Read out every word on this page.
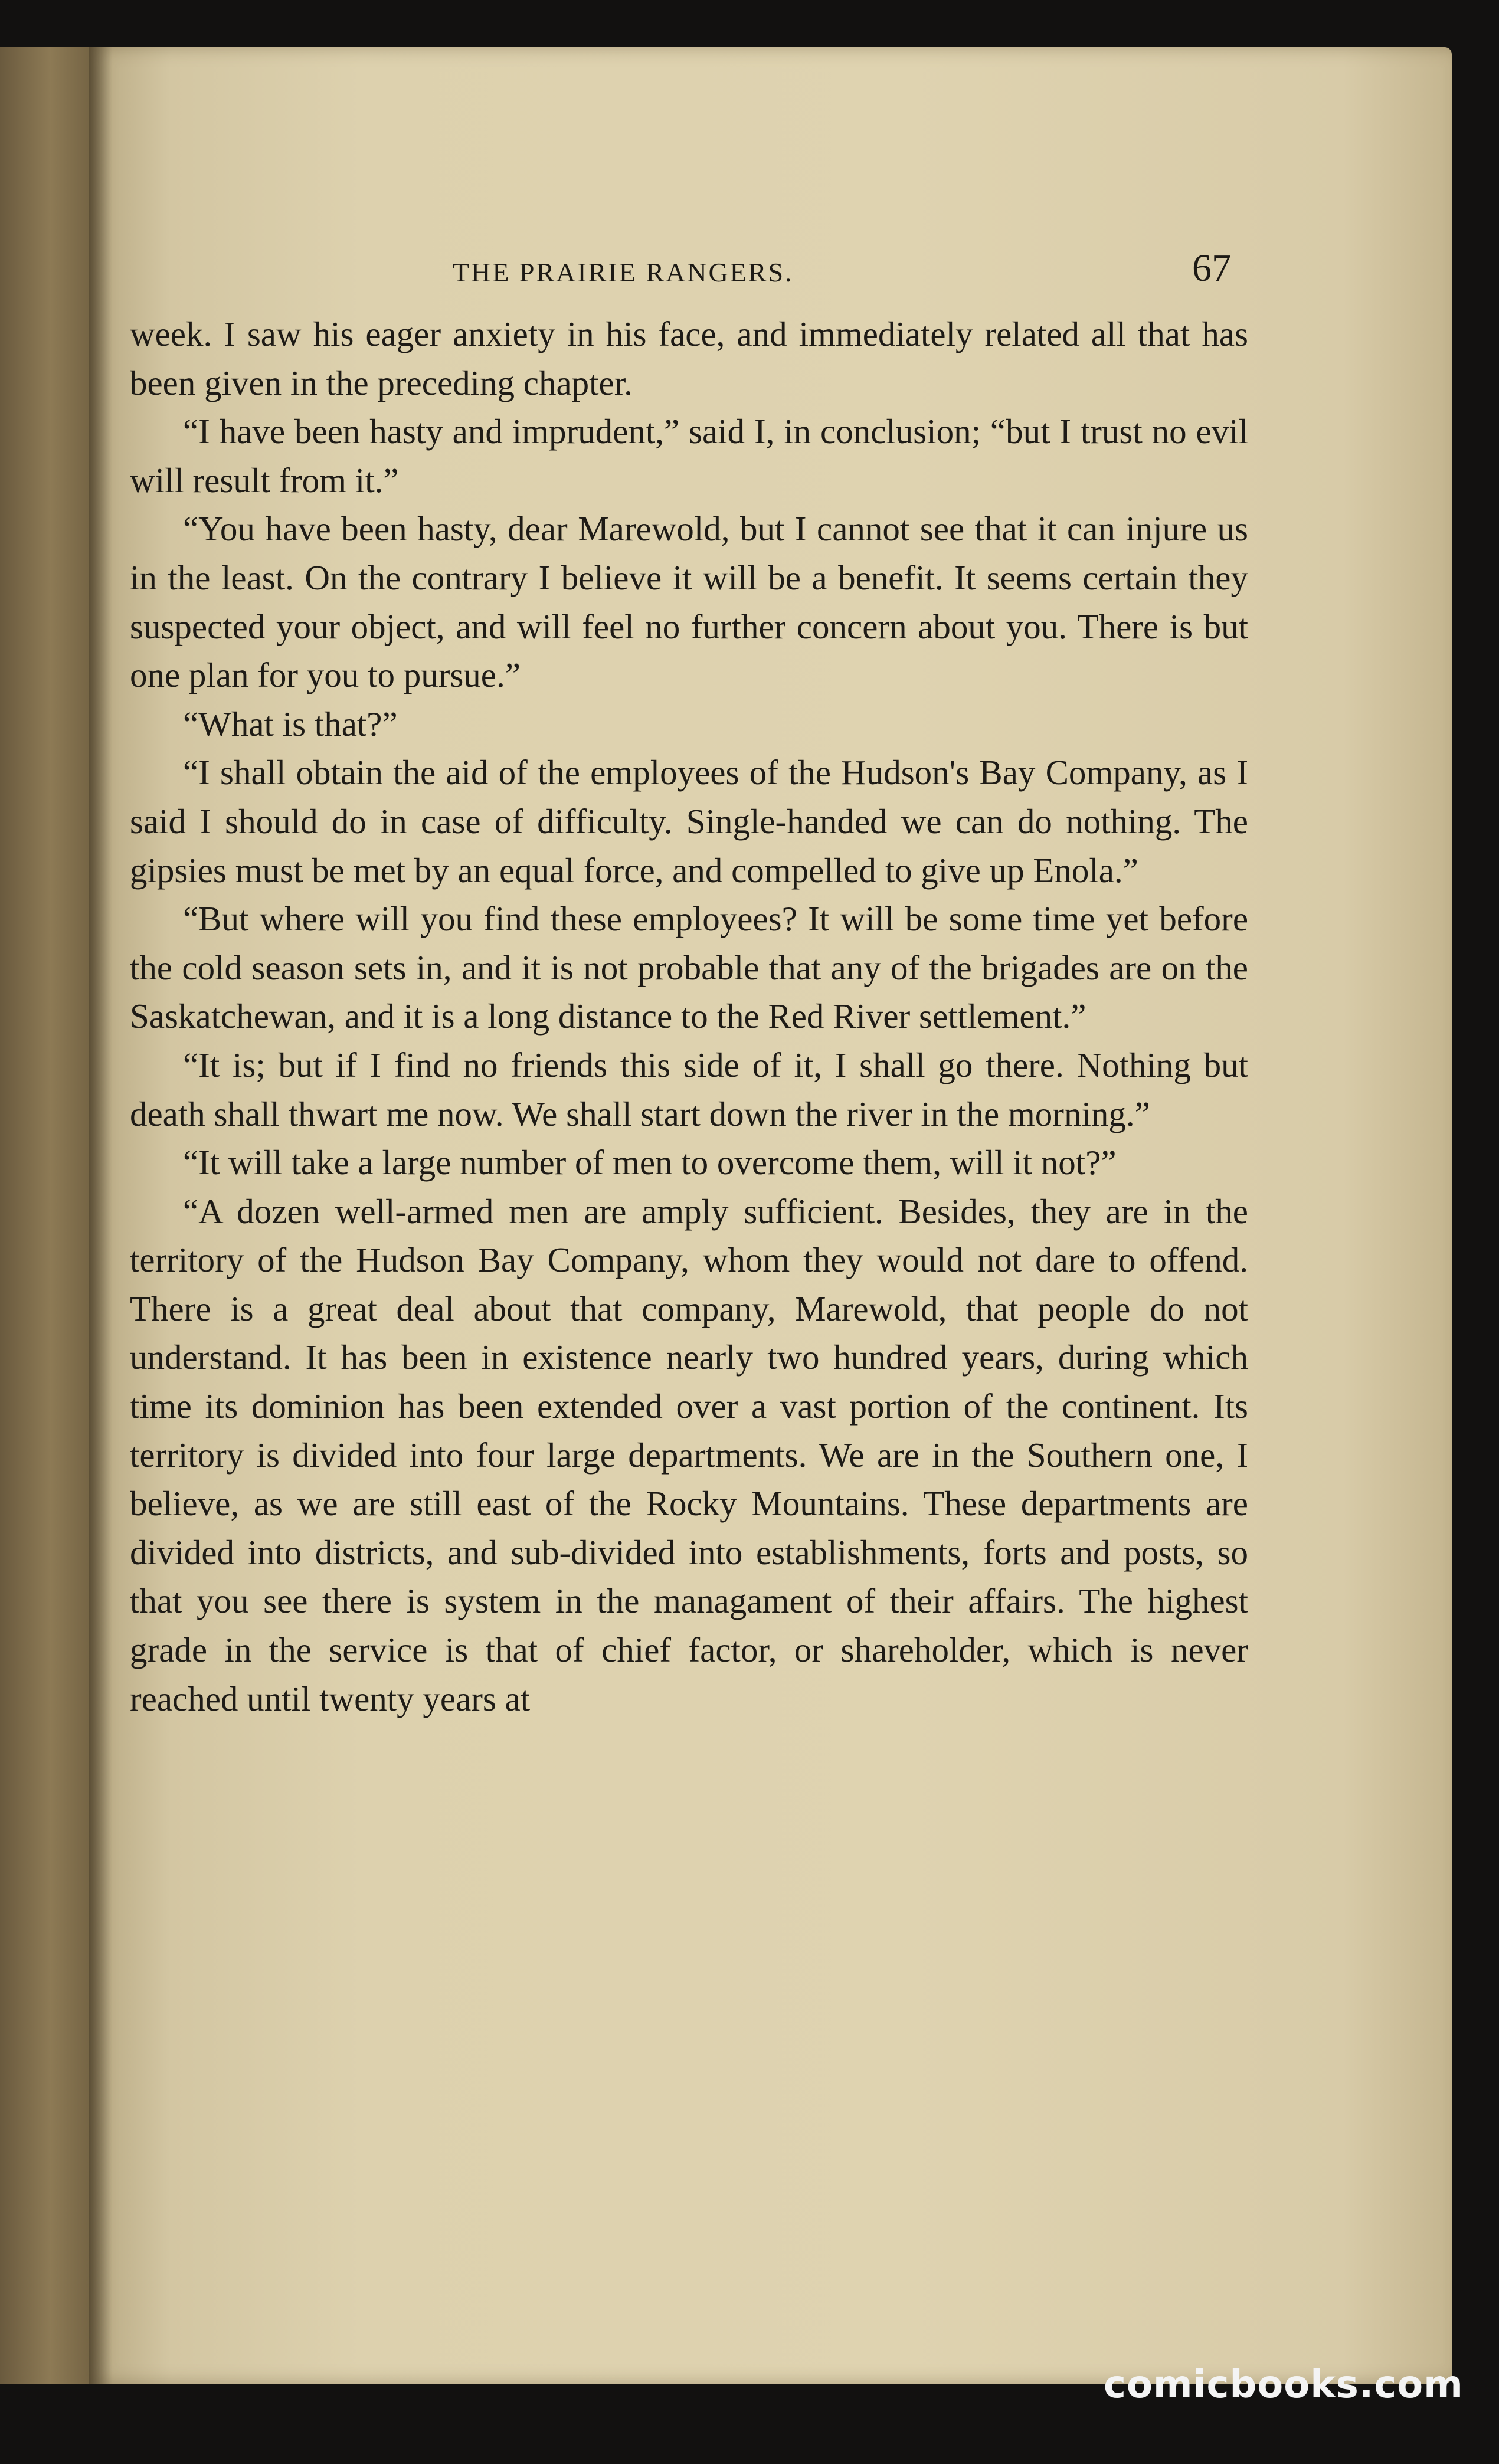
THE PRAIRIE RANGERS.	67

week. I saw his eager anxiety in his face, and immediately related all that has been given in the preceding chapter.

“I have been hasty and imprudent,” said I, in conclusion; “but I trust no evil will result from it.”

“You have been hasty, dear Marewold, but I cannot see that it can injure us in the least. On the contrary I believe it will be a benefit. It seems certain they suspected your object, and will feel no further concern about you. There is but one plan for you to pursue.”

“What is that?”

“I shall obtain the aid of the employees of the Hudson's Bay Company, as I said I should do in case of difficulty. Single-handed we can do nothing. The gipsies must be met by an equal force, and compelled to give up Enola.”

“But where will you find these employees? It will be some time yet before the cold season sets in, and it is not probable that any of the brigades are on the Saskatchewan, and it is a long distance to the Red River settlement.”

“It is; but if I find no friends this side of it, I shall go there. Nothing but death shall thwart me now. We shall start down the river in the morning.”

“It will take a large number of men to overcome them, will it not?”

“A dozen well-armed men are amply sufficient. Besides, they are in the territory of the Hudson Bay Company, whom they would not dare to offend. There is a great deal about that company, Marewold, that people do not understand. It has been in existence nearly two hundred years, during which time its dominion has been extended over a vast portion of the continent. Its territory is divided into four large departments. We are in the Southern one, I believe, as we are still east of the Rocky Mountains. These departments are divided into districts, and sub-divided into establishments, forts and posts, so that you see there is system in the managament of their affairs. The highest grade in the service is that of chief factor, or shareholder, which is never reached until twenty years at

comicbooks.com
